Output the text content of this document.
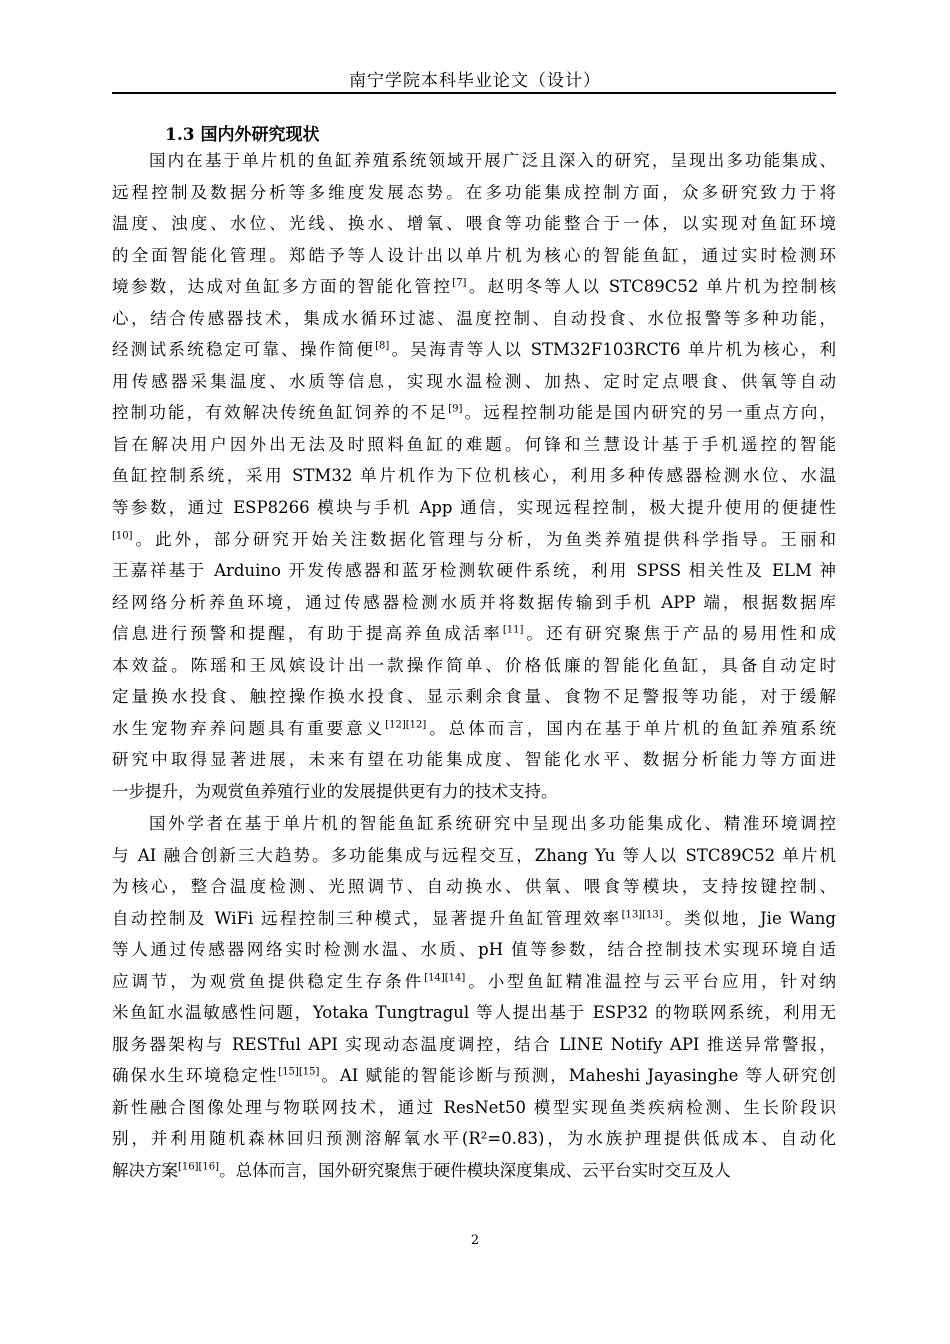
南宁学院本科毕业论文（设计）
1.3 国内外研究现状
国内在基于单片机的鱼缸养殖系统领域开展广泛且深入的研究，呈现出多功能集成、
远程控制及数据分析等多维度发展态势。在多功能集成控制方面，众多研究致力于将
温度、浊度、水位、光线、换水、增氧、喂食等功能整合于一体，以实现对鱼缸环境
的全面智能化管理。郑皓予等人设计出以单片机为核心的智能鱼缸，通过实时检测环
境参数，达成对鱼缸多方面的智能化管控[7]。赵明冬等人以 STC89C52 单片机为控制核
心，结合传感器技术，集成水循环过滤、温度控制、自动投食、水位报警等多种功能，
经测试系统稳定可靠、操作简便[8]。吴海青等人以 STM32F103RCT6 单片机为核心，利
用传感器采集温度、水质等信息，实现水温检测、加热、定时定点喂食、供氧等自动
控制功能，有效解决传统鱼缸饲养的不足[9]。远程控制功能是国内研究的另一重点方向，
旨在解决用户因外出无法及时照料鱼缸的难题。何锋和兰慧设计基于手机遥控的智能
鱼缸控制系统，采用 STM32 单片机作为下位机核心，利用多种传感器检测水位、水温
等参数，通过 ESP8266 模块与手机 App 通信，实现远程控制，极大提升使用的便捷性
[10]。此外，部分研究开始关注数据化管理与分析，为鱼类养殖提供科学指导。王丽和
王嘉祥基于 Arduino 开发传感器和蓝牙检测软硬件系统，利用 SPSS 相关性及 ELM 神
经网络分析养鱼环境，通过传感器检测水质并将数据传输到手机 APP 端，根据数据库
信息进行预警和提醒，有助于提高养鱼成活率[11]。还有研究聚焦于产品的易用性和成
本效益。陈瑶和王凤嫔设计出一款操作简单、价格低廉的智能化鱼缸，具备自动定时
定量换水投食、触控操作换水投食、显示剩余食量、食物不足警报等功能，对于缓解
水生宠物弃养问题具有重要意义[12][12]。总体而言，国内在基于单片机的鱼缸养殖系统
研究中取得显著进展，未来有望在功能集成度、智能化水平、数据分析能力等方面进
一步提升，为观赏鱼养殖行业的发展提供更有力的技术支持。
国外学者在基于单片机的智能鱼缸系统研究中呈现出多功能集成化、精准环境调控
与 AI 融合创新三大趋势。多功能集成与远程交互，Zhang Yu 等人以 STC89C52 单片机
为核心，整合温度检测、光照调节、自动换水、供氧、喂食等模块，支持按键控制、
自动控制及 WiFi 远程控制三种模式，显著提升鱼缸管理效率[13][13]。类似地，Jie Wang
等人通过传感器网络实时检测水温、水质、pH 值等参数，结合控制技术实现环境自适
应调节，为观赏鱼提供稳定生存条件[14][14]。小型鱼缸精准温控与云平台应用，针对纳
米鱼缸水温敏感性问题，Yotaka Tungtragul 等人提出基于 ESP32 的物联网系统，利用无
服务器架构与 RESTful API 实现动态温度调控，结合 LINE Notify API 推送异常警报，
确保水生环境稳定性[15][15]。AI 赋能的智能诊断与预测，Maheshi Jayasinghe 等人研究创
新性融合图像处理与物联网技术，通过 ResNet50 模型实现鱼类疾病检测、生长阶段识
别，并利用随机森林回归预测溶解氧水平(R²=0.83)，为水族护理提供低成本、自动化
解决方案[16][16]。总体而言，国外研究聚焦于硬件模块深度集成、云平台实时交互及人
2
